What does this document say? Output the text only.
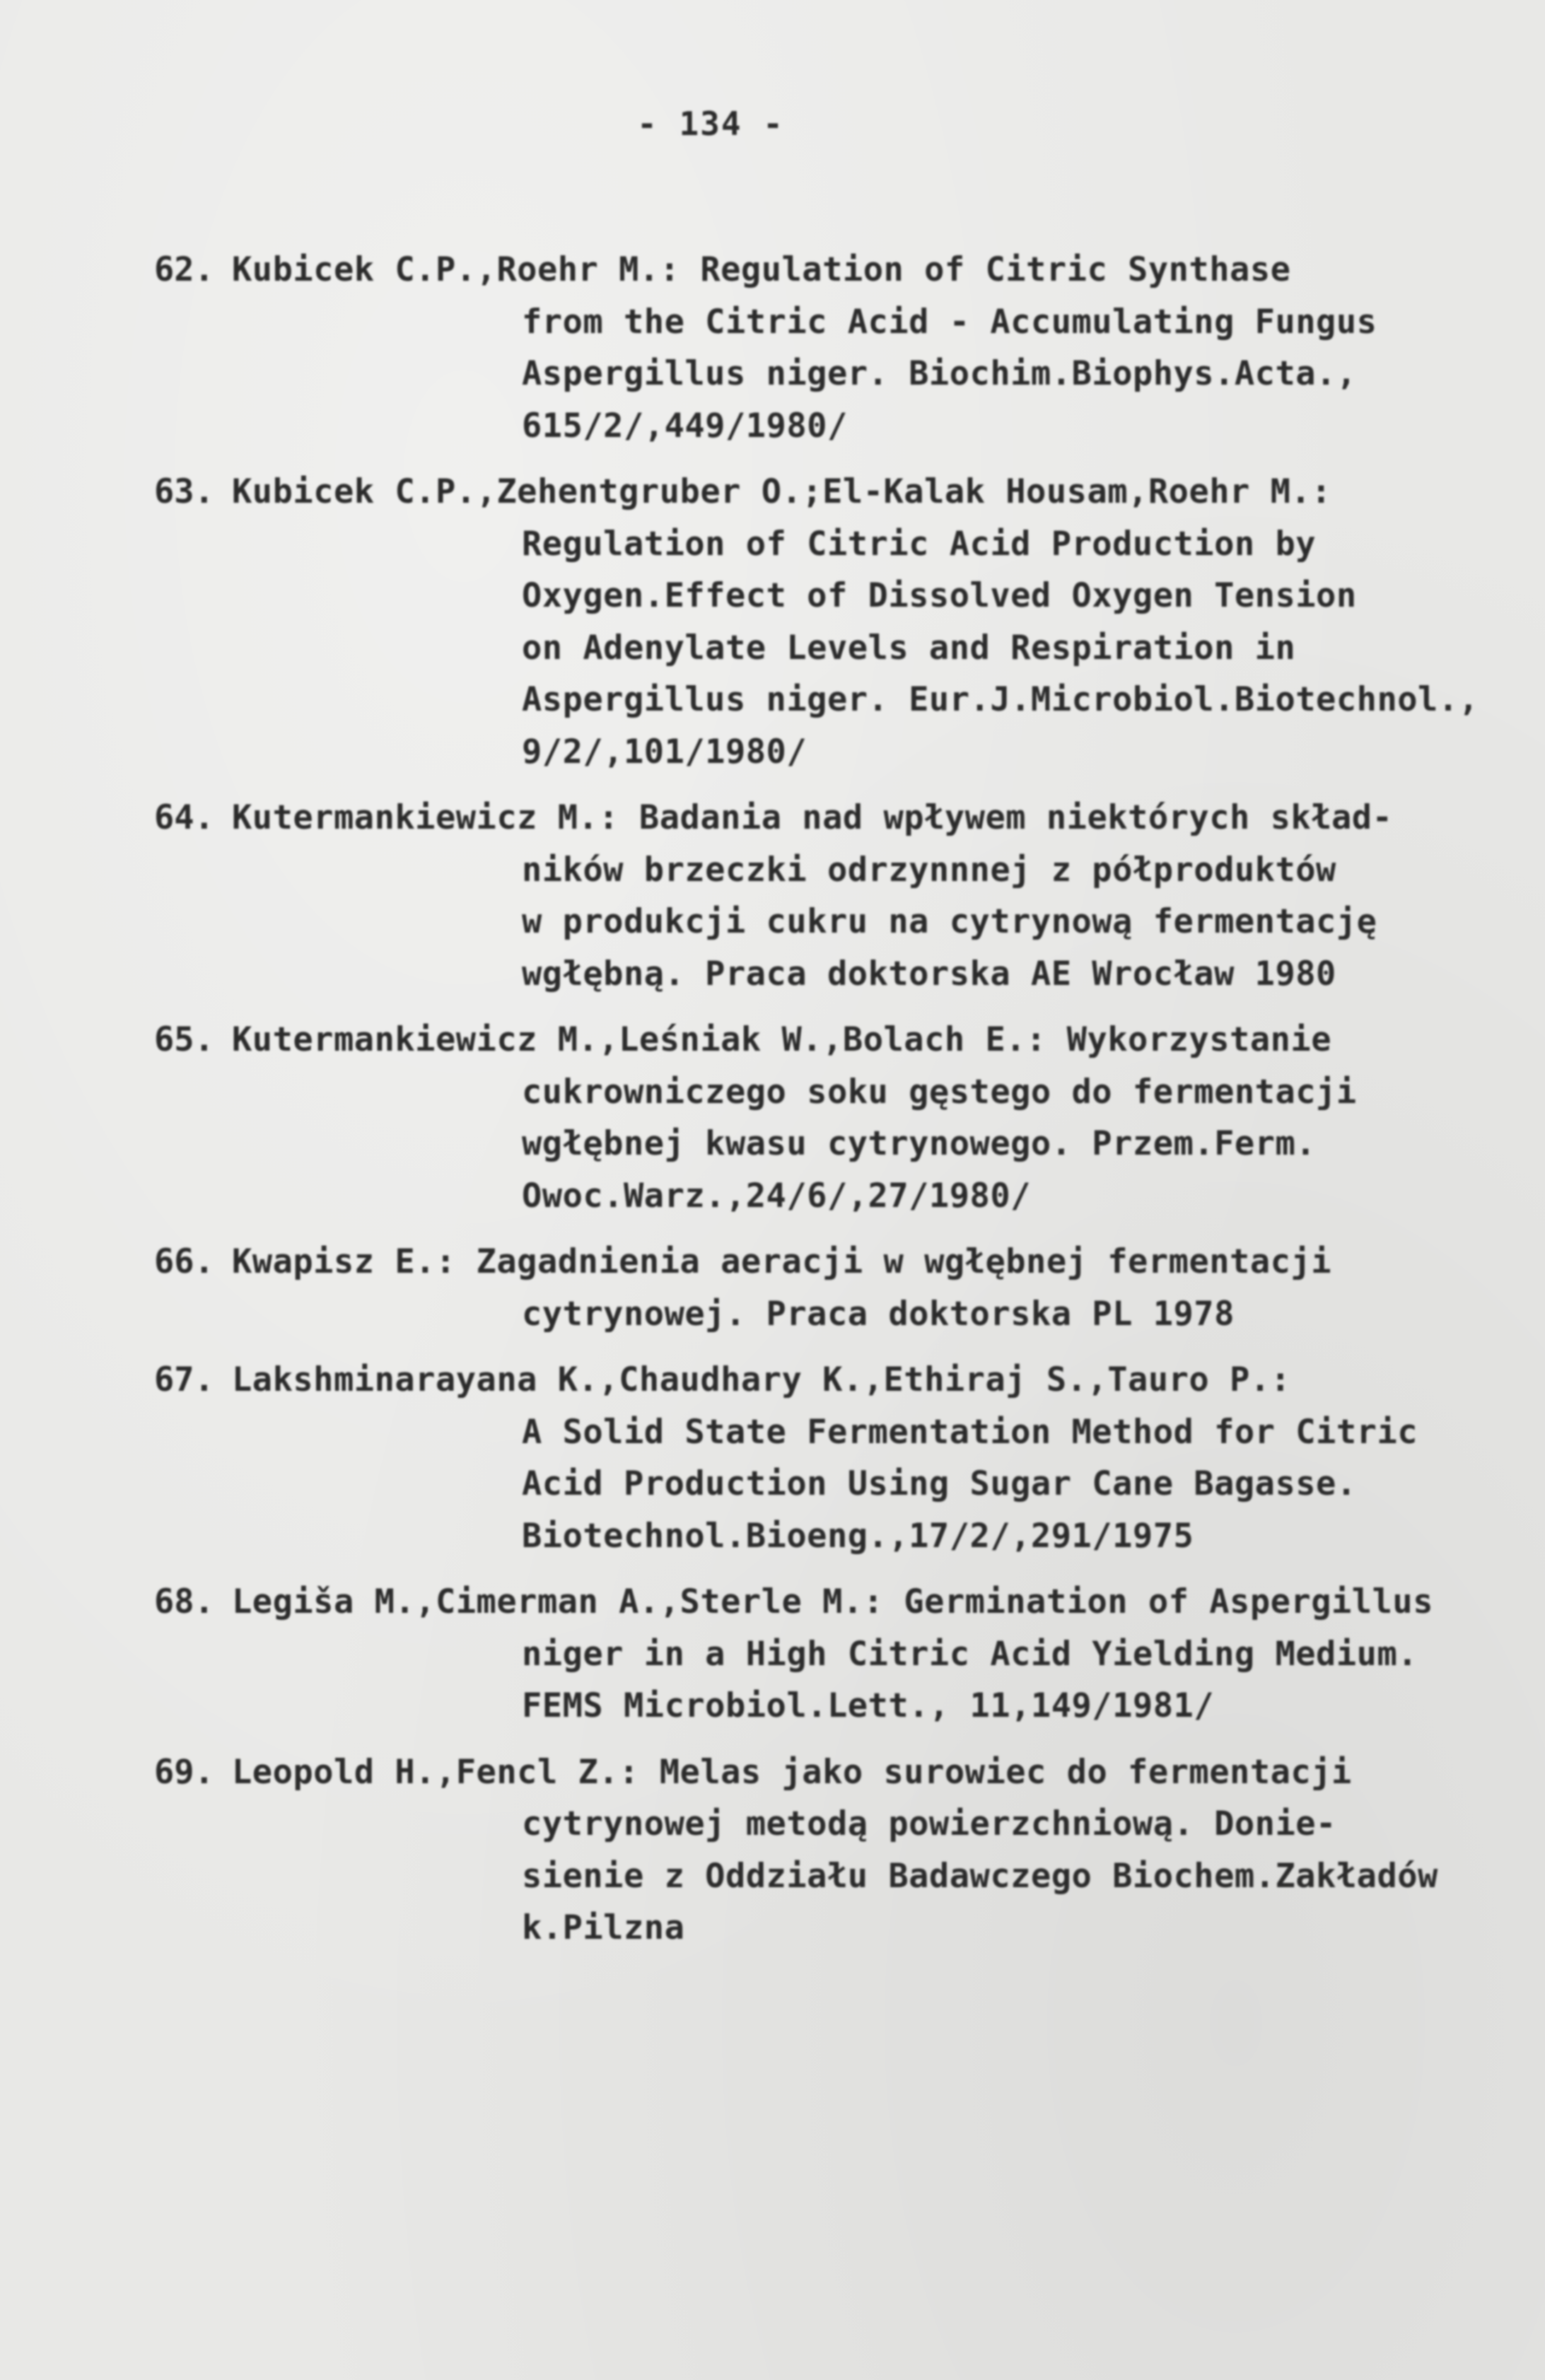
- 134 -
62. Kubicek C.P.,Roehr M.: Regulation of Citric Synthase
from the Citric Acid - Accumulating Fungus
Aspergillus niger. Biochim.Biophys.Acta.,
615/2/,449/1980/
63. Kubicek C.P.,Zehentgruber O.;El-Kalak Housam,Roehr M.:
Regulation of Citric Acid Production by
Oxygen.Effect of Dissolved Oxygen Tension
on Adenylate Levels and Respiration in
Aspergillus niger. Eur.J.Microbiol.Biotechnol.,
9/2/,101/1980/
64. Kutermankiewicz M.: Badania nad wpływem niektórych skład-
ników brzeczki odrzynnnej z półproduktów
w produkcji cukru na cytrynową fermentację
wgłębną. Praca doktorska AE Wrocław 1980
65. Kutermankiewicz M.,Leśniak W.,Bolach E.: Wykorzystanie
cukrowniczego soku gęstego do fermentacji
wgłębnej kwasu cytrynowego. Przem.Ferm.
Owoc.Warz.,24/6/,27/1980/
66. Kwapisz E.: Zagadnienia aeracji w wgłębnej fermentacji
cytrynowej. Praca doktorska PL 1978
67. Lakshminarayana K.,Chaudhary K.,Ethiraj S.,Tauro P.:
A Solid State Fermentation Method for Citric
Acid Production Using Sugar Cane Bagasse.
Biotechnol.Bioeng.,17/2/,291/1975
68. Legiša M.,Cimerman A.,Sterle M.: Germination of Aspergillus
niger in a High Citric Acid Yielding Medium.
FEMS Microbiol.Lett., 11,149/1981/
69. Leopold H.,Fencl Z.: Melas jako surowiec do fermentacji
cytrynowej metodą powierzchniową. Donie-
sienie z Oddziału Badawczego Biochem.Zakładów
k.Pilzna
